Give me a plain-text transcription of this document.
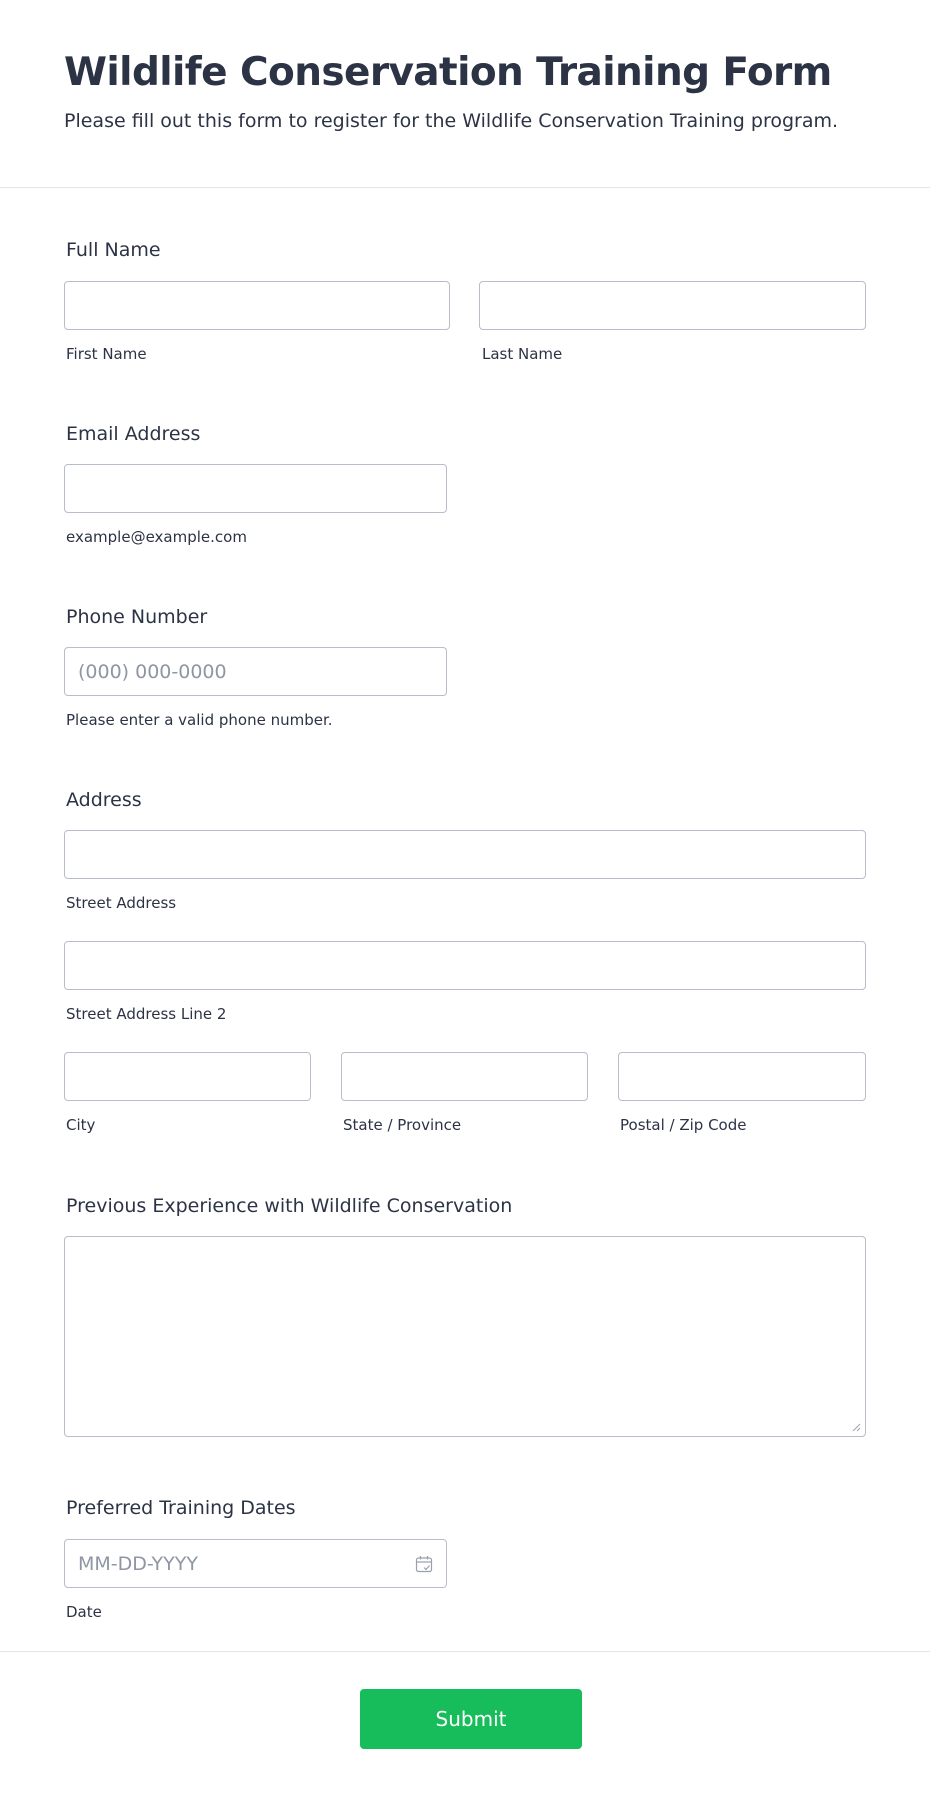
Wildlife Conservation Training Form
Please fill out this form to register for the Wildlife Conservation Training program.
Full Name
First Name	Last Name
Email Address
example@example.com
Phone Number
(000) 000-0000
Please enter a valid phone number.
Address
Street Address
Street Address Line 2
City	State / Province	Postal / Zip Code
Previous Experience with Wildlife Conservation
Preferred Training Dates
MM-DD-YYYY
Date
Submit
